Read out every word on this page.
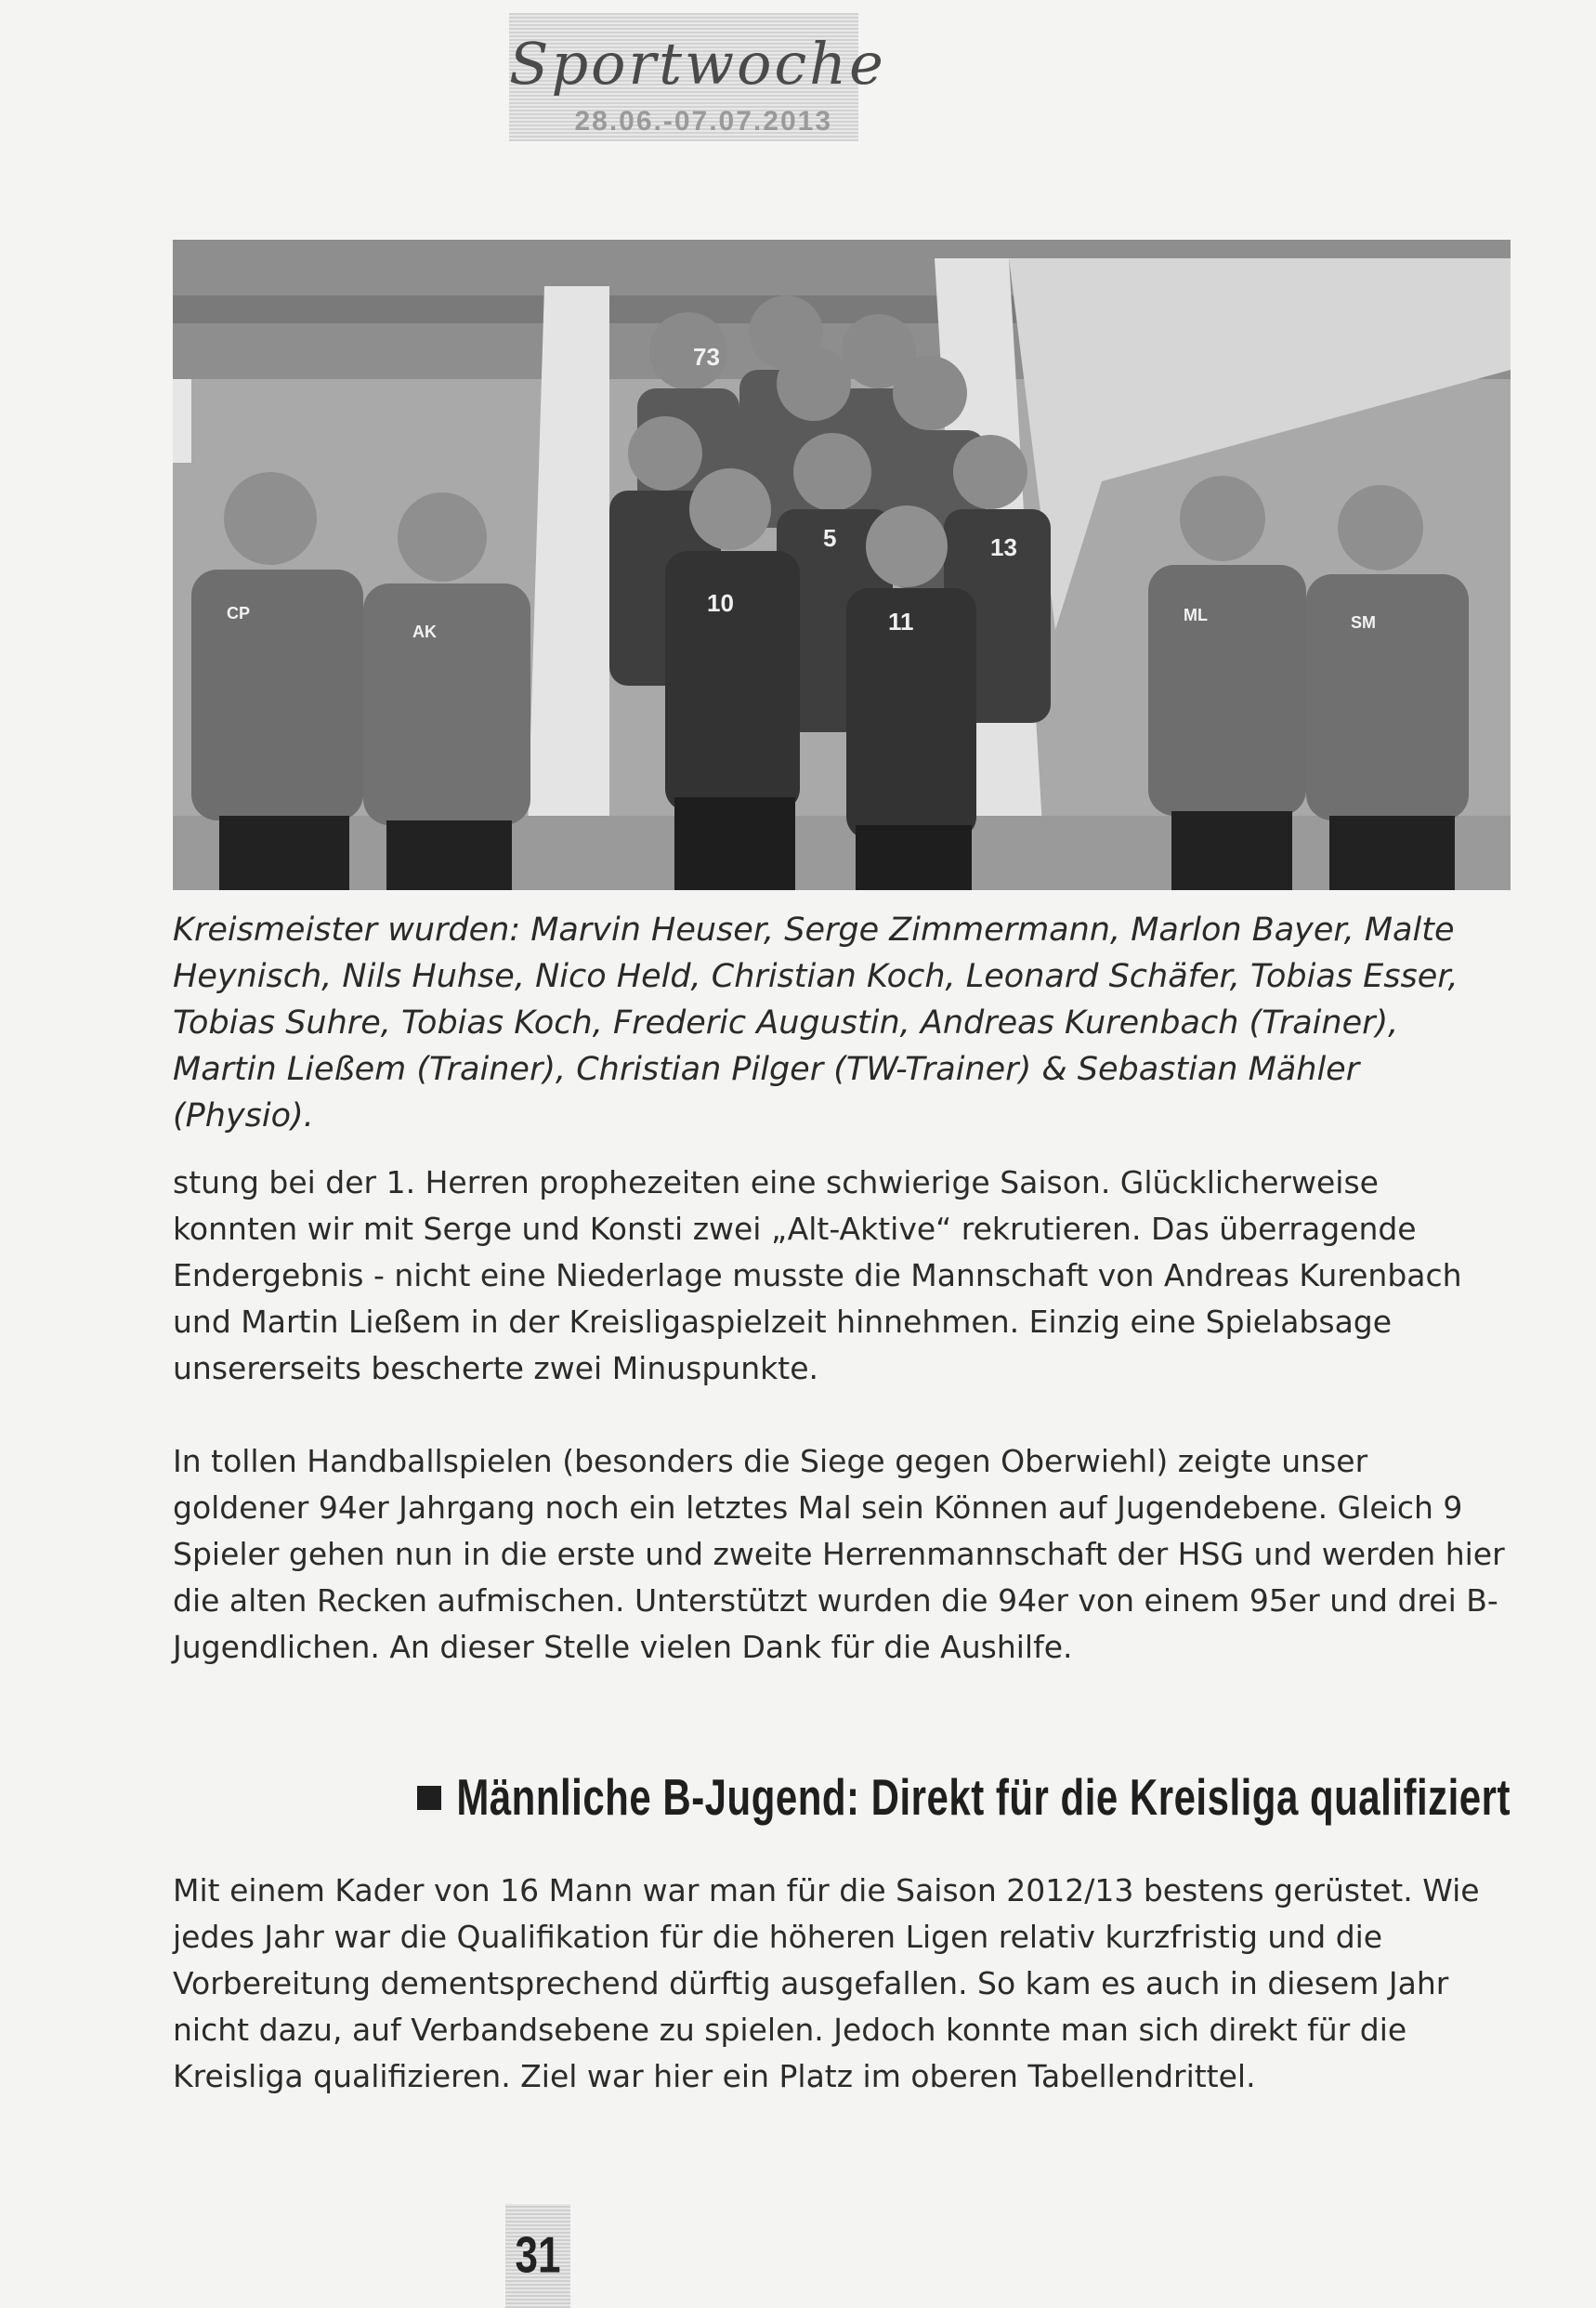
Sportwoche
28.06.-07.07.2013
73
10
5
11
13
CP
AK
ML	SM

Kreismeister wurden: Marvin Heuser, Serge Zimmermann, Marlon Bayer, Malte Heynisch, Nils Huhse, Nico Held, Christian Koch, Leonard Schäfer, Tobias Esser, Tobias Suhre, Tobias Koch, Frederic Augustin, Andreas Kurenbach (Trainer), Martin Ließem (Trainer), Christian Pilger (TW-Trainer) & Sebastian Mähler (Physio).

stung bei der 1. Herren prophezeiten eine schwierige Saison. Glücklicherweise konnten wir mit Serge und Konsti zwei „Alt-Aktive“ rekrutieren. Das überragende Endergebnis - nicht eine Niederlage musste die Mannschaft von Andreas Kurenbach und Martin Ließem in der Kreisligaspielzeit hinnehmen. Einzig eine Spielabsage unsererseits bescherte zwei Minuspunkte.

In tollen Handballspielen (besonders die Siege gegen Oberwiehl) zeigte unser goldener 94er Jahrgang noch ein letztes Mal sein Können auf Jugendebene. Gleich 9 Spieler gehen nun in die erste und zweite Herrenmannschaft der HSG und werden hier die alten Recken aufmischen. Unterstützt wurden die 94er von einem 95er und drei B-Jugendlichen. An dieser Stelle vielen Dank für die Aushilfe.

Männliche B-Jugend: Direkt für die Kreisliga qualifiziert

Mit einem Kader von 16 Mann war man für die Saison 2012/13 bestens gerüstet. Wie jedes Jahr war die Qualifikation für die höheren Ligen relativ kurzfristig und die Vorbereitung dementsprechend dürftig ausgefallen. So kam es auch in diesem Jahr nicht dazu, auf Verbandsebene zu spielen. Jedoch konnte man sich direkt für die Kreisliga qualifizieren. Ziel war hier ein Platz im oberen Tabellendrittel.

31
